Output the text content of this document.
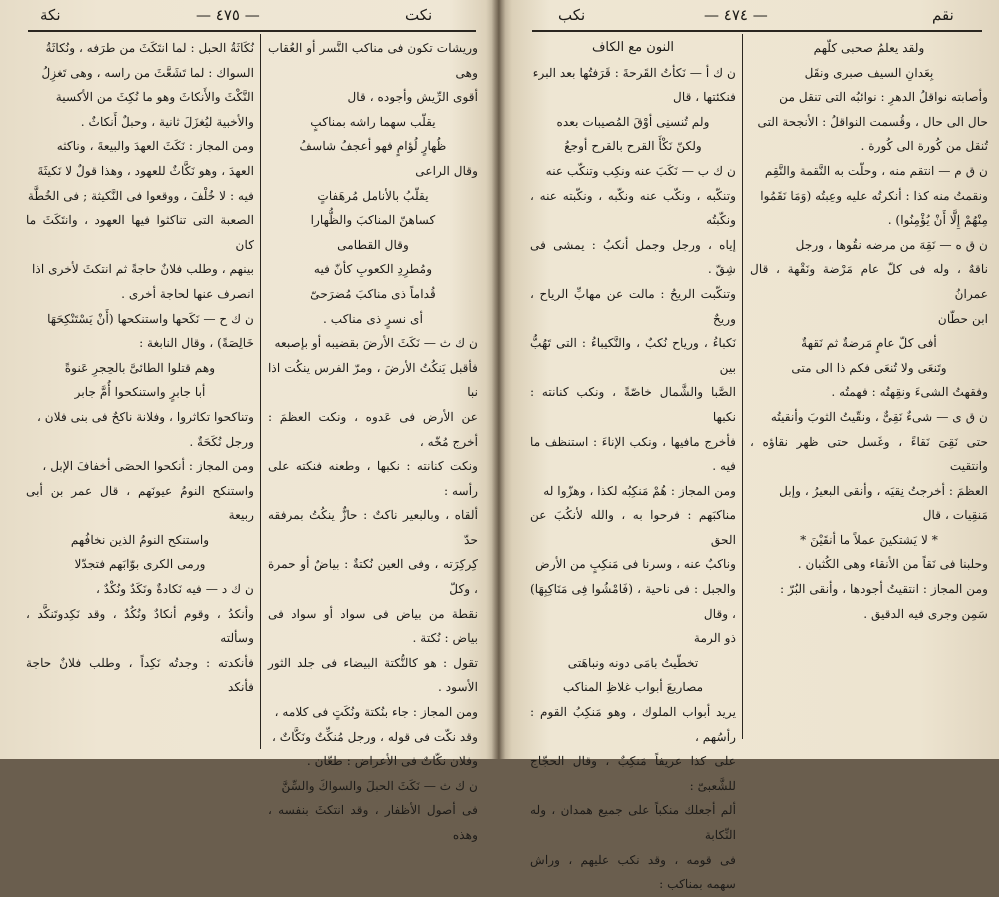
نكة	— ٤٧٥ —	نكت

نُكَاثَةُ الحبل : لما انتَكَثَ من طرَفه ، ونُكاثَةُ

السواك : لما تَشَعَّثَ من راسه ، وهى تَغزِلُ

النَّكْثَ والأَنكاثَ وهو ما نُكِثَ من الأكسية

والأخبية ليُغزَلَ ثانية ، وحبلٌ أَنكاثٌ .

ومن المجاز : نَكَثَ العهدَ والبيعةَ ، وناكثه

العهدَ ، وهو نَكَّاثٌ للعهود ، وهذا قولٌ لا نَكيثَةَ

فيه : لا خُلْفَ ، ووقعوا فى النَّكيثة ; فى الخُطَّة

الصعبة التى تناكثوا فيها العهود ، وانتَكَثَ ما كان

بينهم ، وطلب فلانٌ حاجةً ثم انتكثَ لأخرى اذا

انصرف عنها لحاجة أخرى .

ن ك ح — نَكَحها واستنكحها (أَنْ يَسْتَنْكِحَهَا

خَالِصَةً) ، وقال النابغة :

وهم قتلوا الطائىَّ بالحِجرِ عَنوةً

أبا جابرٍ واستنكحوا أُمَّ جابر

وتناكحوا تكاثروا ، وفلانة ناكحٌ فى بنى فلان ،

ورجل نُكَحَةٌ .

ومن المجاز : أنكحوا الحصَى أخفافَ الإبل ،

واستنكح النومُ عيونَهم ، قال عمر بن أبى ربيعة

واستنكح النومُ الذين نخافُهم

ورمى الكرى بوّابَهم فتجدّلا

ن ك د — فيه نَكادةٌ ونَكَدٌ ونُكْدٌ ،

وأنكدُ ، وقوم أنكادٌ ونُكُدٌ ، وقد نَكِدوتَنكَّد ، وسألته

فأنكدته : وجدتُه نَكِداً ، وطلب فلانٌ حاجة فأنكد

وريشات تكون فى مناكب النَّسر أو العُقاب وهى

أقوى الرِّيش وأجوده ، قال

يقلّب سهما راشه بمناكبٍ

ظُهارٍ لُؤامٍ فهو أعجفُ شاسفُ

وقال الراعى

يقلّبُ بالأنامل مُرهَفاتٍ

كساهنّ المناكبَ والظُّهارا

وقال القطامى

ومُطرِدِ الكعوبِ كأنّ فيه

قُداماً ذى مناكبَ مُضرَحىّ

أى نسرٍ ذى مناكب .

ن ك ث — نَكَثَ الأرضَ بقضيبه أو بإصبعه

فأقبل يَنكُتُ الأرضَ ، ومرّ الفرس ينكُت اذا نبا

عن الأرض فى عَدوه ، ونكت العظمَ : أخرج مُخّه ،

ونكت كنانته : نكبها ، وطعنه فنكته على رأسه :

ألقاه ، وبالبعير ناكتٌ : حازٌّ ينكُتُ بمرفقه حدّ

كِركِرَته ، وفى العين نُكتةٌ : بياضٌ أو حمرة ، وكلّ

نقطة من بياض فى سواد أو سواد فى بياض : نُكتة .

تقول : هو كالنُّكتة البيضاء فى جلد الثور الأسود .

ومن المجاز : جاء بنُكتة ونُكَتٍ فى كلامه ،

وقد نكّت فى قوله ، ورجل مُنكِّتٌ ونَكَّاتٌ ،

وفلان نكّاتٌ فى الأعراض : طعّان .

ن ك ث — نَكَثَ الحبلَ والسواكَ والسِّنَّ

فى أصول الأظفار ، وقد انتكثَ بنفسه ، وهذه

نكب	— ٤٧٤ —	نقم

النون مع الكاف

ن ك أ — نَكأتُ القَرحةَ : قَرَفتُها بعد البرء

فنكئتها ، قال

ولم تُنسنِى أوْقَ المُصيبات بعده

ولكنّ نَكْأَ القرح بالقرح أوجعُ

ن ك ب — نَكَبَ عنه ونكِب وتنكّب عنه

وتنكّبه ، ونكّب عنه ونكّبه ، ونكّبته عنه ، ونكّبتُه

إياه ، ورجل وجمل أنكبُ : يمشى فى شِقّ .

وتنكّبت الريحُ : مالت عن مهابِّ الرياح ، وريحٌ

نَكباءُ ، ورياح نُكبٌ ، والنَّكيباءُ : التى تَهُبُّ بين

الصَّبا والشَّمال خاصّةً ، ونكب كنانته : نكبها

فأخرج مافيها ، ونكب الإناءَ : استنظف ما فيه .

ومن المجاز : هُمْ مَنكِبُه لكذا ، وهزّوا له

مناكبَهم : فرحوا به ، والله لأنكُبَ عن الحق

وناكبٌ عنه ، وسرنا فى مَنكِبٍ من الأرض

والجبل : فى ناحية ، (فَامْشُوا فِى مَنَاكِبِهَا) ، وقال

ذو الرمة

تخطّيتُ بامَى دونه ونباهَتى

مصاريعَ أبواب غلاظِ المناكب

يريد أبواب الملوك ، وهو مَنكِبُ القوم : رأسُهم ،

على كذا عريفاً مَنكِبٌ ، وقال الحجّاج للشَّعبىّ :

ألم أجعلك منكباً على جميع همدان ، وله النِّكابة

فى قومه ، وقد نكب عليهم ، وراش سهمه بمناكب :

ولقد يعلمُ صحبى كلّهم

بِعَدانِ السيف صبرى ونقَل

وأصابته نواقلُ الدهرِ : نوائبُه التى تنقل من

حال الى حال ، وقُسمت النواقلُ : الأنجحة التى

تُنقل من كُورة الى كُورة .

ن ق م — انتقم منه ، وحلّت به النَّقمة والنَّقِم

ونقمتُ منه كذا : أنكرتُه عليه وعِبتُه (وَمَا نَقَمُوا

مِنْهُمْ إِلَّا أَنْ يُؤْمِنُوا) .

ن ق ه — نَقِهَ من مرضه نقُوها ، ورجل

ناقهٌ ، وله فى كلّ عام مَرْضة ونَقْهة ، قال عمرانُ

ابن حطّان

أفى كلّ عامٍ مَرضةٌ ثم نَقهةٌ

وتَنعَى ولا تُنعَى فكم ذا الى متى

وفقهتُ الشىءَ ونقِهتُه : فهمتُه .

ن ق ى — شىءٌ نَقِىٌّ ، ونقّيتُ الثوبَ وأنقيتُه

حتى نَقِىَ نَقاءً ، وغَسل حتى ظهر نقاؤه ، وانتقيت

العظمَ : أخرجتُ نِقيَه ، وأنقى البعيرُ ، وإبل

مَنقِيات ، قال

* لا يَشتكينَ عملاً ما أنقَيْنَ *

وحلبنا فى نَقاً من الأنقاء وهى الكُثبان .

ومن المجاز : انتقيتُ أجودها ، وأنقى البُرّ :

سَمِن وجرى فيه الدقيق .
